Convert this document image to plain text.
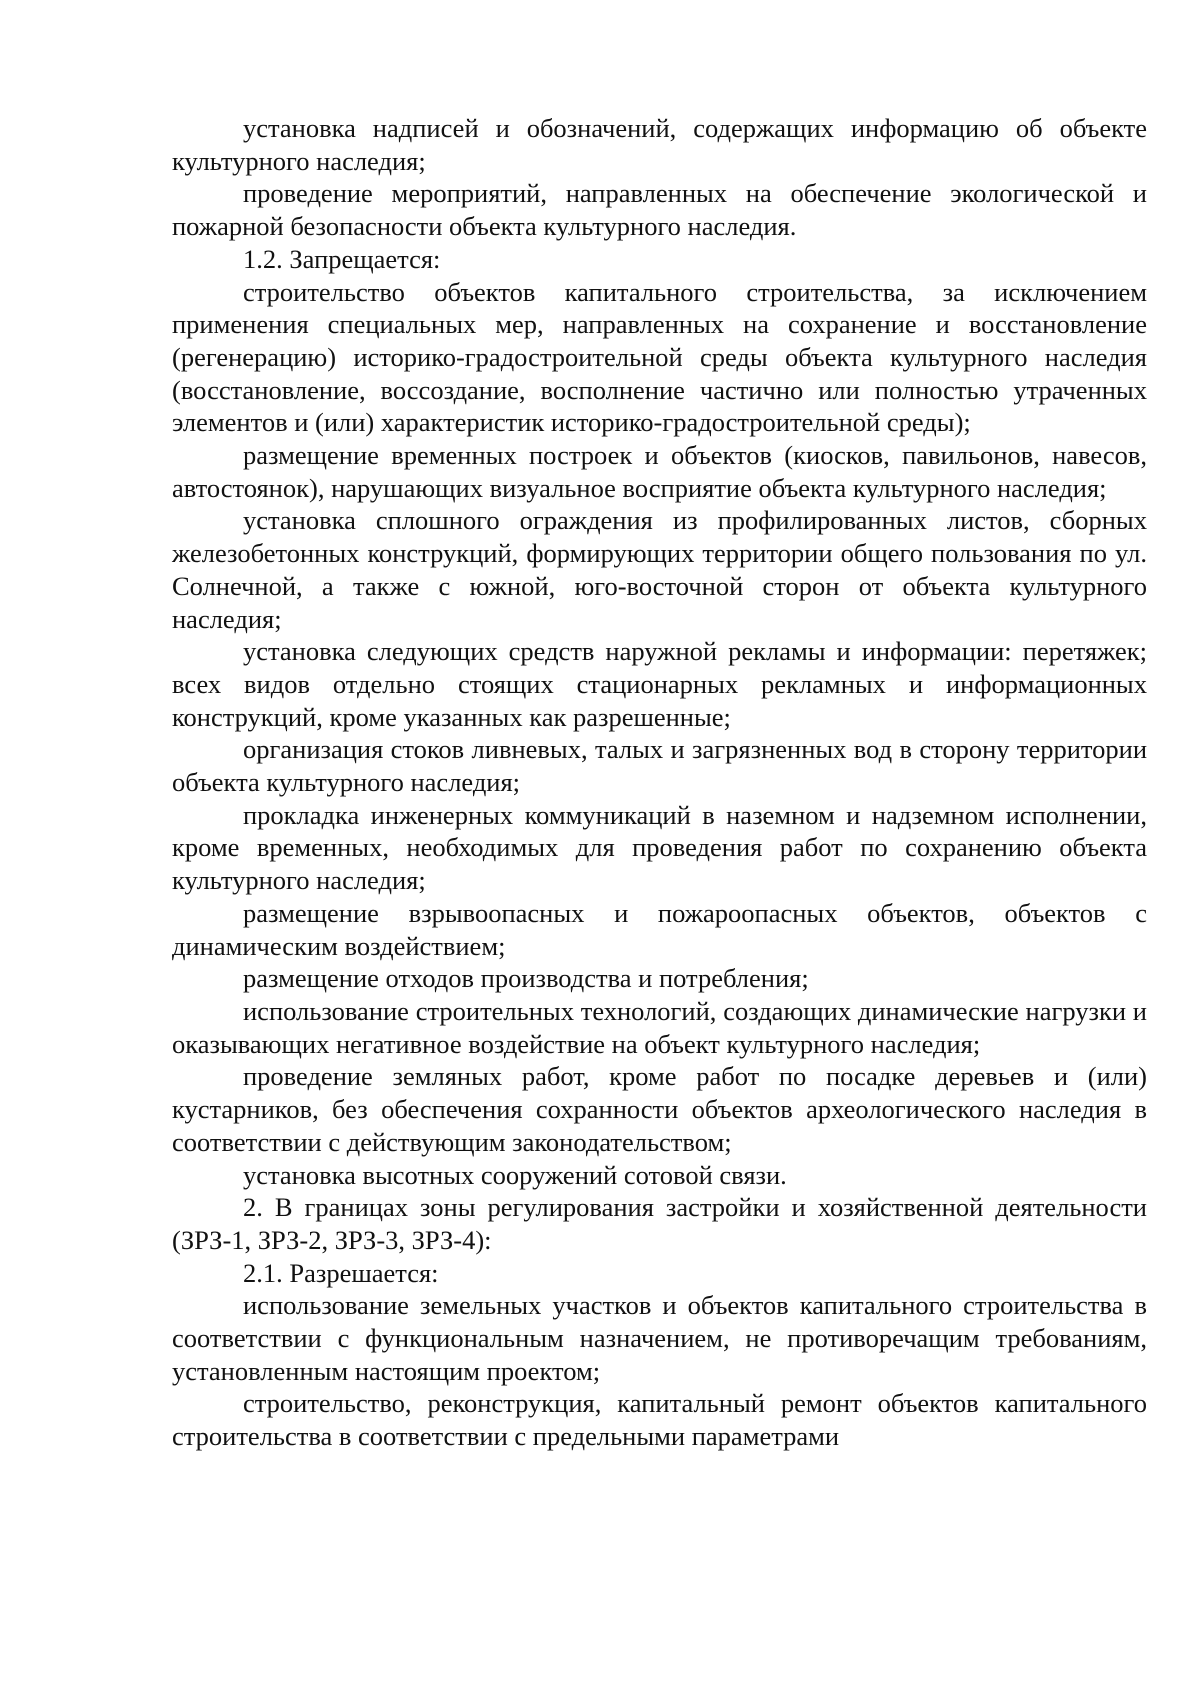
установка надписей и обозначений, содержащих информацию об объекте культурного наследия;

проведение мероприятий, направленных на обеспечение экологической и пожарной безопасности объекта культурного наследия.

1.2. Запрещается:

строительство объектов капитального строительства, за исключением применения специальных мер, направленных на сохранение и восстановление (регенерацию) историко-градостроительной среды объекта культурного наследия (восстановление, воссоздание, восполнение частично или полностью утраченных элементов и (или) характеристик историко-градостроительной среды);

размещение временных построек и объектов (киосков, павильонов, навесов, автостоянок), нарушающих визуальное восприятие объекта культурного наследия;

установка сплошного ограждения из профилированных листов, сборных железобетонных конструкций, формирующих территории общего пользования по ул. Солнечной, а также с южной, юго-восточной сторон от объекта культурного наследия;

установка следующих средств наружной рекламы и информации: перетяжек; всех видов отдельно стоящих стационарных рекламных и информационных конструкций, кроме указанных как разрешенные;

организация стоков ливневых, талых и загрязненных вод в сторону территории объекта культурного наследия;

прокладка инженерных коммуникаций в наземном и надземном исполнении, кроме временных, необходимых для проведения работ по сохранению объекта культурного наследия;

размещение взрывоопасных и пожароопасных объектов, объектов с динамическим воздействием;

размещение отходов производства и потребления;

использование строительных технологий, создающих динамические нагрузки и оказывающих негативное воздействие на объект культурного наследия;

проведение земляных работ, кроме работ по посадке деревьев и (или) кустарников, без обеспечения сохранности объектов археологического наследия в соответствии с действующим законодательством;

установка высотных сооружений сотовой связи.

2. В границах зоны регулирования застройки и хозяйственной деятельности (ЗРЗ-1, ЗРЗ-2, ЗРЗ-3, ЗРЗ-4):

2.1. Разрешается:

использование земельных участков и объектов капитального строительства в соответствии с функциональным назначением, не противоречащим требованиям, установленным настоящим проектом;

строительство, реконструкция, капитальный ремонт объектов капитального строительства в соответствии с предельными параметрами
